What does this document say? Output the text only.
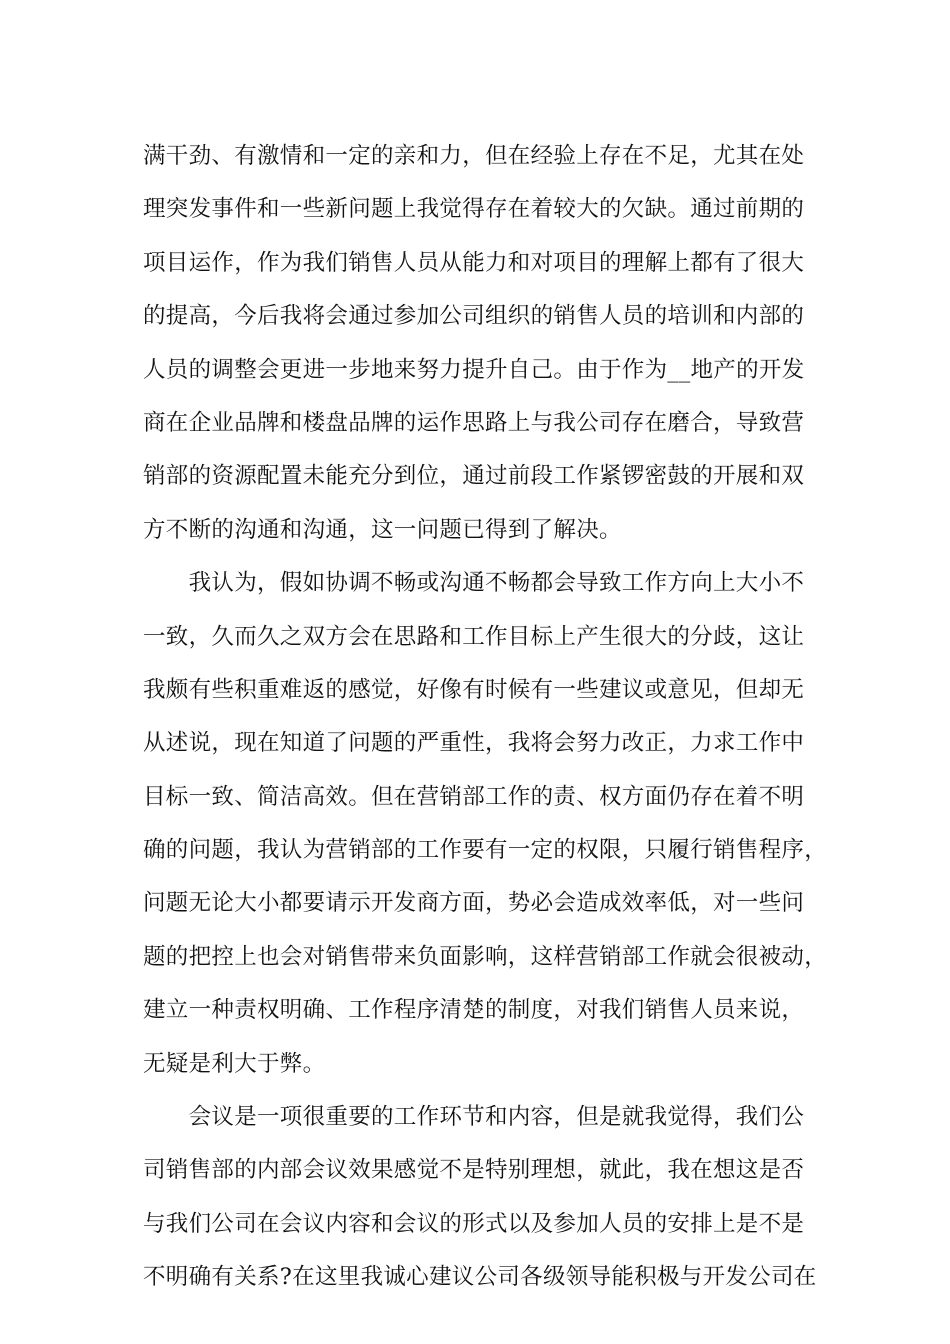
满干劲、有激情和一定的亲和力，但在经验上存在不足，尤其在处
理突发事件和一些新问题上我觉得存在着较大的欠缺。通过前期的
项目运作，作为我们销售人员从能力和对项目的理解上都有了很大
的提高，今后我将会通过参加公司组织的销售人员的培训和内部的
人员的调整会更进一步地来努力提升自己。由于作为__地产的开发
商在企业品牌和楼盘品牌的运作思路上与我公司存在磨合，导致营
销部的资源配置未能充分到位，通过前段工作紧锣密鼓的开展和双
方不断的沟通和沟通，这一问题已得到了解决。
　　我认为，假如协调不畅或沟通不畅都会导致工作方向上大小不
一致，久而久之双方会在思路和工作目标上产生很大的分歧，这让
我颇有些积重难返的感觉，好像有时候有一些建议或意见，但却无
从述说，现在知道了问题的严重性，我将会努力改正，力求工作中
目标一致、简洁高效。但在营销部工作的责、权方面仍存在着不明
确的问题，我认为营销部的工作要有一定的权限，只履行销售程序，
问题无论大小都要请示开发商方面，势必会造成效率低，对一些问
题的把控上也会对销售带来负面影响，这样营销部工作就会很被动，
建立一种责权明确、工作程序清楚的制度，对我们销售人员来说，
无疑是利大于弊。
　　会议是一项很重要的工作环节和内容，但是就我觉得，我们公
司销售部的内部会议效果感觉不是特别理想，就此，我在想这是否
与我们公司在会议内容和会议的形式以及参加人员的安排上是不是
不明确有关系?在这里我诚心建议公司各级领导能积极与开发公司在
